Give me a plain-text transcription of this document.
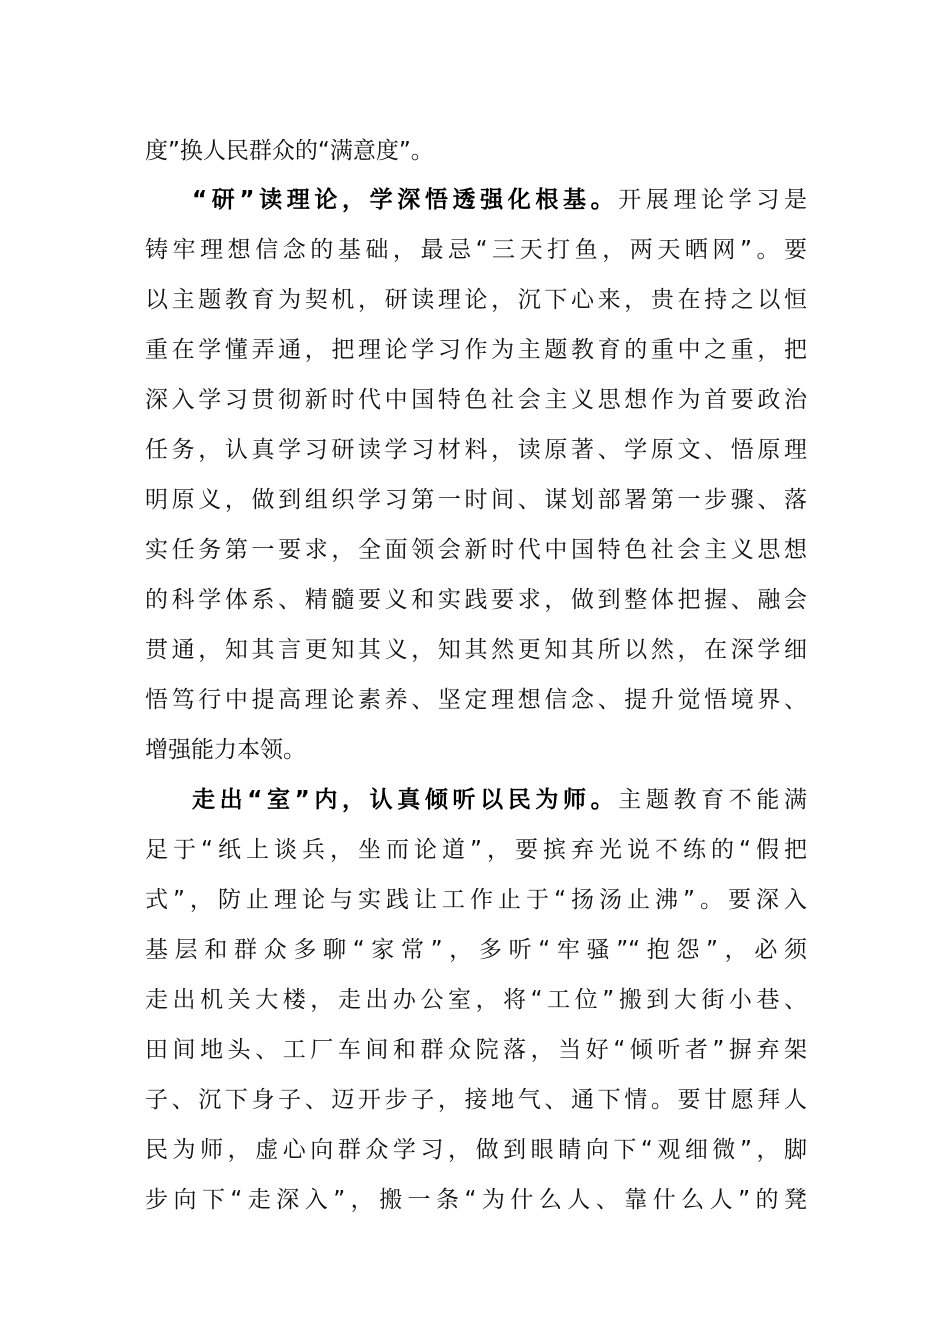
度”换人民群众的“满意度”。
“研”读理论，学深悟透强化根基。开展理论学习是
铸牢理想信念的基础，最忌“三天打鱼，两天晒网”。要
以主题教育为契机，研读理论，沉下心来，贵在持之以恒
重在学懂弄通，把理论学习作为主题教育的重中之重，把
深入学习贯彻新时代中国特色社会主义思想作为首要政治
任务，认真学习研读学习材料，读原著、学原文、悟原理
明原义，做到组织学习第一时间、谋划部署第一步骤、落
实任务第一要求，全面领会新时代中国特色社会主义思想
的科学体系、精髓要义和实践要求，做到整体把握、融会
贯通，知其言更知其义，知其然更知其所以然，在深学细
悟笃行中提高理论素养、坚定理想信念、提升觉悟境界、
增强能力本领。
走出“室”内，认真倾听以民为师。主题教育不能满
足于“纸上谈兵，坐而论道”，要摈弃光说不练的“假把
式”，防止理论与实践让工作止于“扬汤止沸”。要深入
基层和群众多聊“家常”，多听“牢骚”“抱怨”，必须
走出机关大楼，走出办公室，将“工位”搬到大街小巷、
田间地头、工厂车间和群众院落，当好“倾听者”摒弃架
子、沉下身子、迈开步子，接地气、通下情。要甘愿拜人
民为师，虚心向群众学习，做到眼睛向下“观细微”，脚
步向下“走深入”，搬一条“为什么人、靠什么人”的凳
